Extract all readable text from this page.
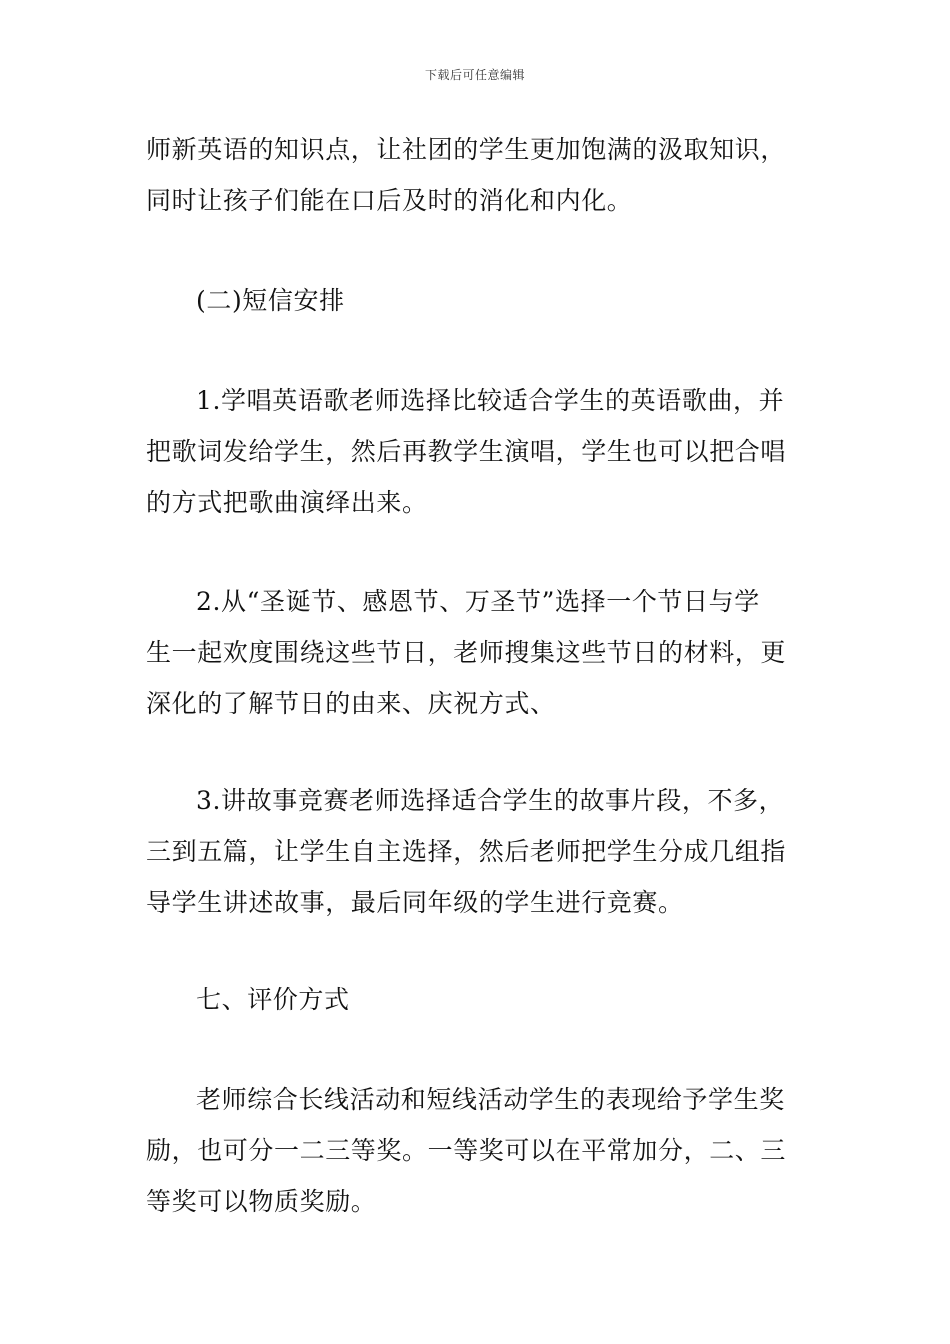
下载后可任意编辑
师新英语的知识点，让社团的学生更加饱满的汲取知识，
同时让孩子们能在口后及时的消化和内化。
(二)短信安排
1.学唱英语歌老师选择比较适合学生的英语歌曲，并
把歌词发给学生，然后再教学生演唱，学生也可以把合唱
的方式把歌曲演绎出来。
2.从“圣诞节、感恩节、万圣节”选择一个节日与学
生一起欢度围绕这些节日，老师搜集这些节日的材料，更
深化的了解节日的由来、庆祝方式、
3.讲故事竞赛老师选择适合学生的故事片段，不多，
三到五篇，让学生自主选择，然后老师把学生分成几组指
导学生讲述故事，最后同年级的学生进行竞赛。
七、评价方式
老师综合长线活动和短线活动学生的表现给予学生奖
励，也可分一二三等奖。一等奖可以在平常加分，二、三
等奖可以物质奖励。
